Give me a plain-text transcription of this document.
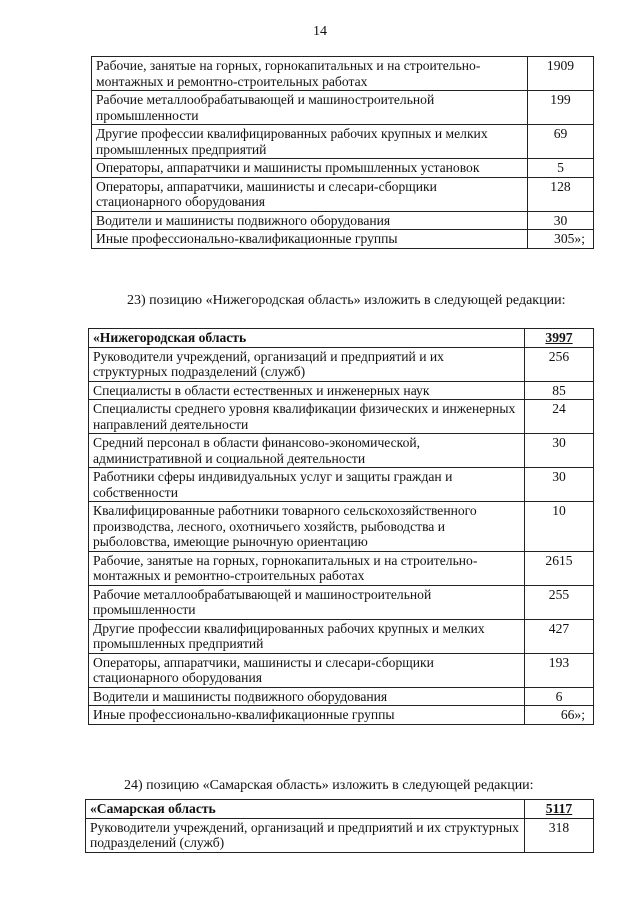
14
Рабочие, занятые на горных, горнокапитальных и на строительно-монтажных и ремонтно-строительных работах	1909
Рабочие металлообрабатывающей и машиностроительной промышленности	199
Другие профессии квалифицированных рабочих крупных и мелких промышленных предприятий	69
Операторы, аппаратчики и машинисты промышленных установок	5
Операторы, аппаратчики, машинисты и слесари-сборщики стационарного оборудования	128
Водители и машинисты подвижного оборудования	30
Иные профессионально-квалификационные группы	305»;
23) позицию «Нижегородская область» изложить в следующей редакции:
«Нижегородская область	3997
Руководители учреждений, организаций и предприятий и их структурных подразделений (служб)	256
Специалисты в области естественных и инженерных наук	85
Специалисты среднего уровня квалификации физических и инженерных направлений деятельности	24
Средний персонал в области финансово-экономической, административной и социальной деятельности	30
Работники сферы индивидуальных услуг и защиты граждан и собственности	30
Квалифицированные работники товарного сельскохозяйственного производства, лесного, охотничьего хозяйств, рыбоводства и рыболовства, имеющие рыночную ориентацию	10
Рабочие, занятые на горных, горнокапитальных и на строительно-монтажных и ремонтно-строительных работах	2615
Рабочие металлообрабатывающей и машиностроительной промышленности	255
Другие профессии квалифицированных рабочих крупных и мелких промышленных предприятий	427
Операторы, аппаратчики, машинисты и слесари-сборщики стационарного оборудования	193
Водители и машинисты подвижного оборудования	6
Иные профессионально-квалификационные группы	66»;
24) позицию «Самарская область» изложить в следующей редакции:
«Самарская область	5117
Руководители учреждений, организаций и предприятий и их структурных подразделений (служб)	318
